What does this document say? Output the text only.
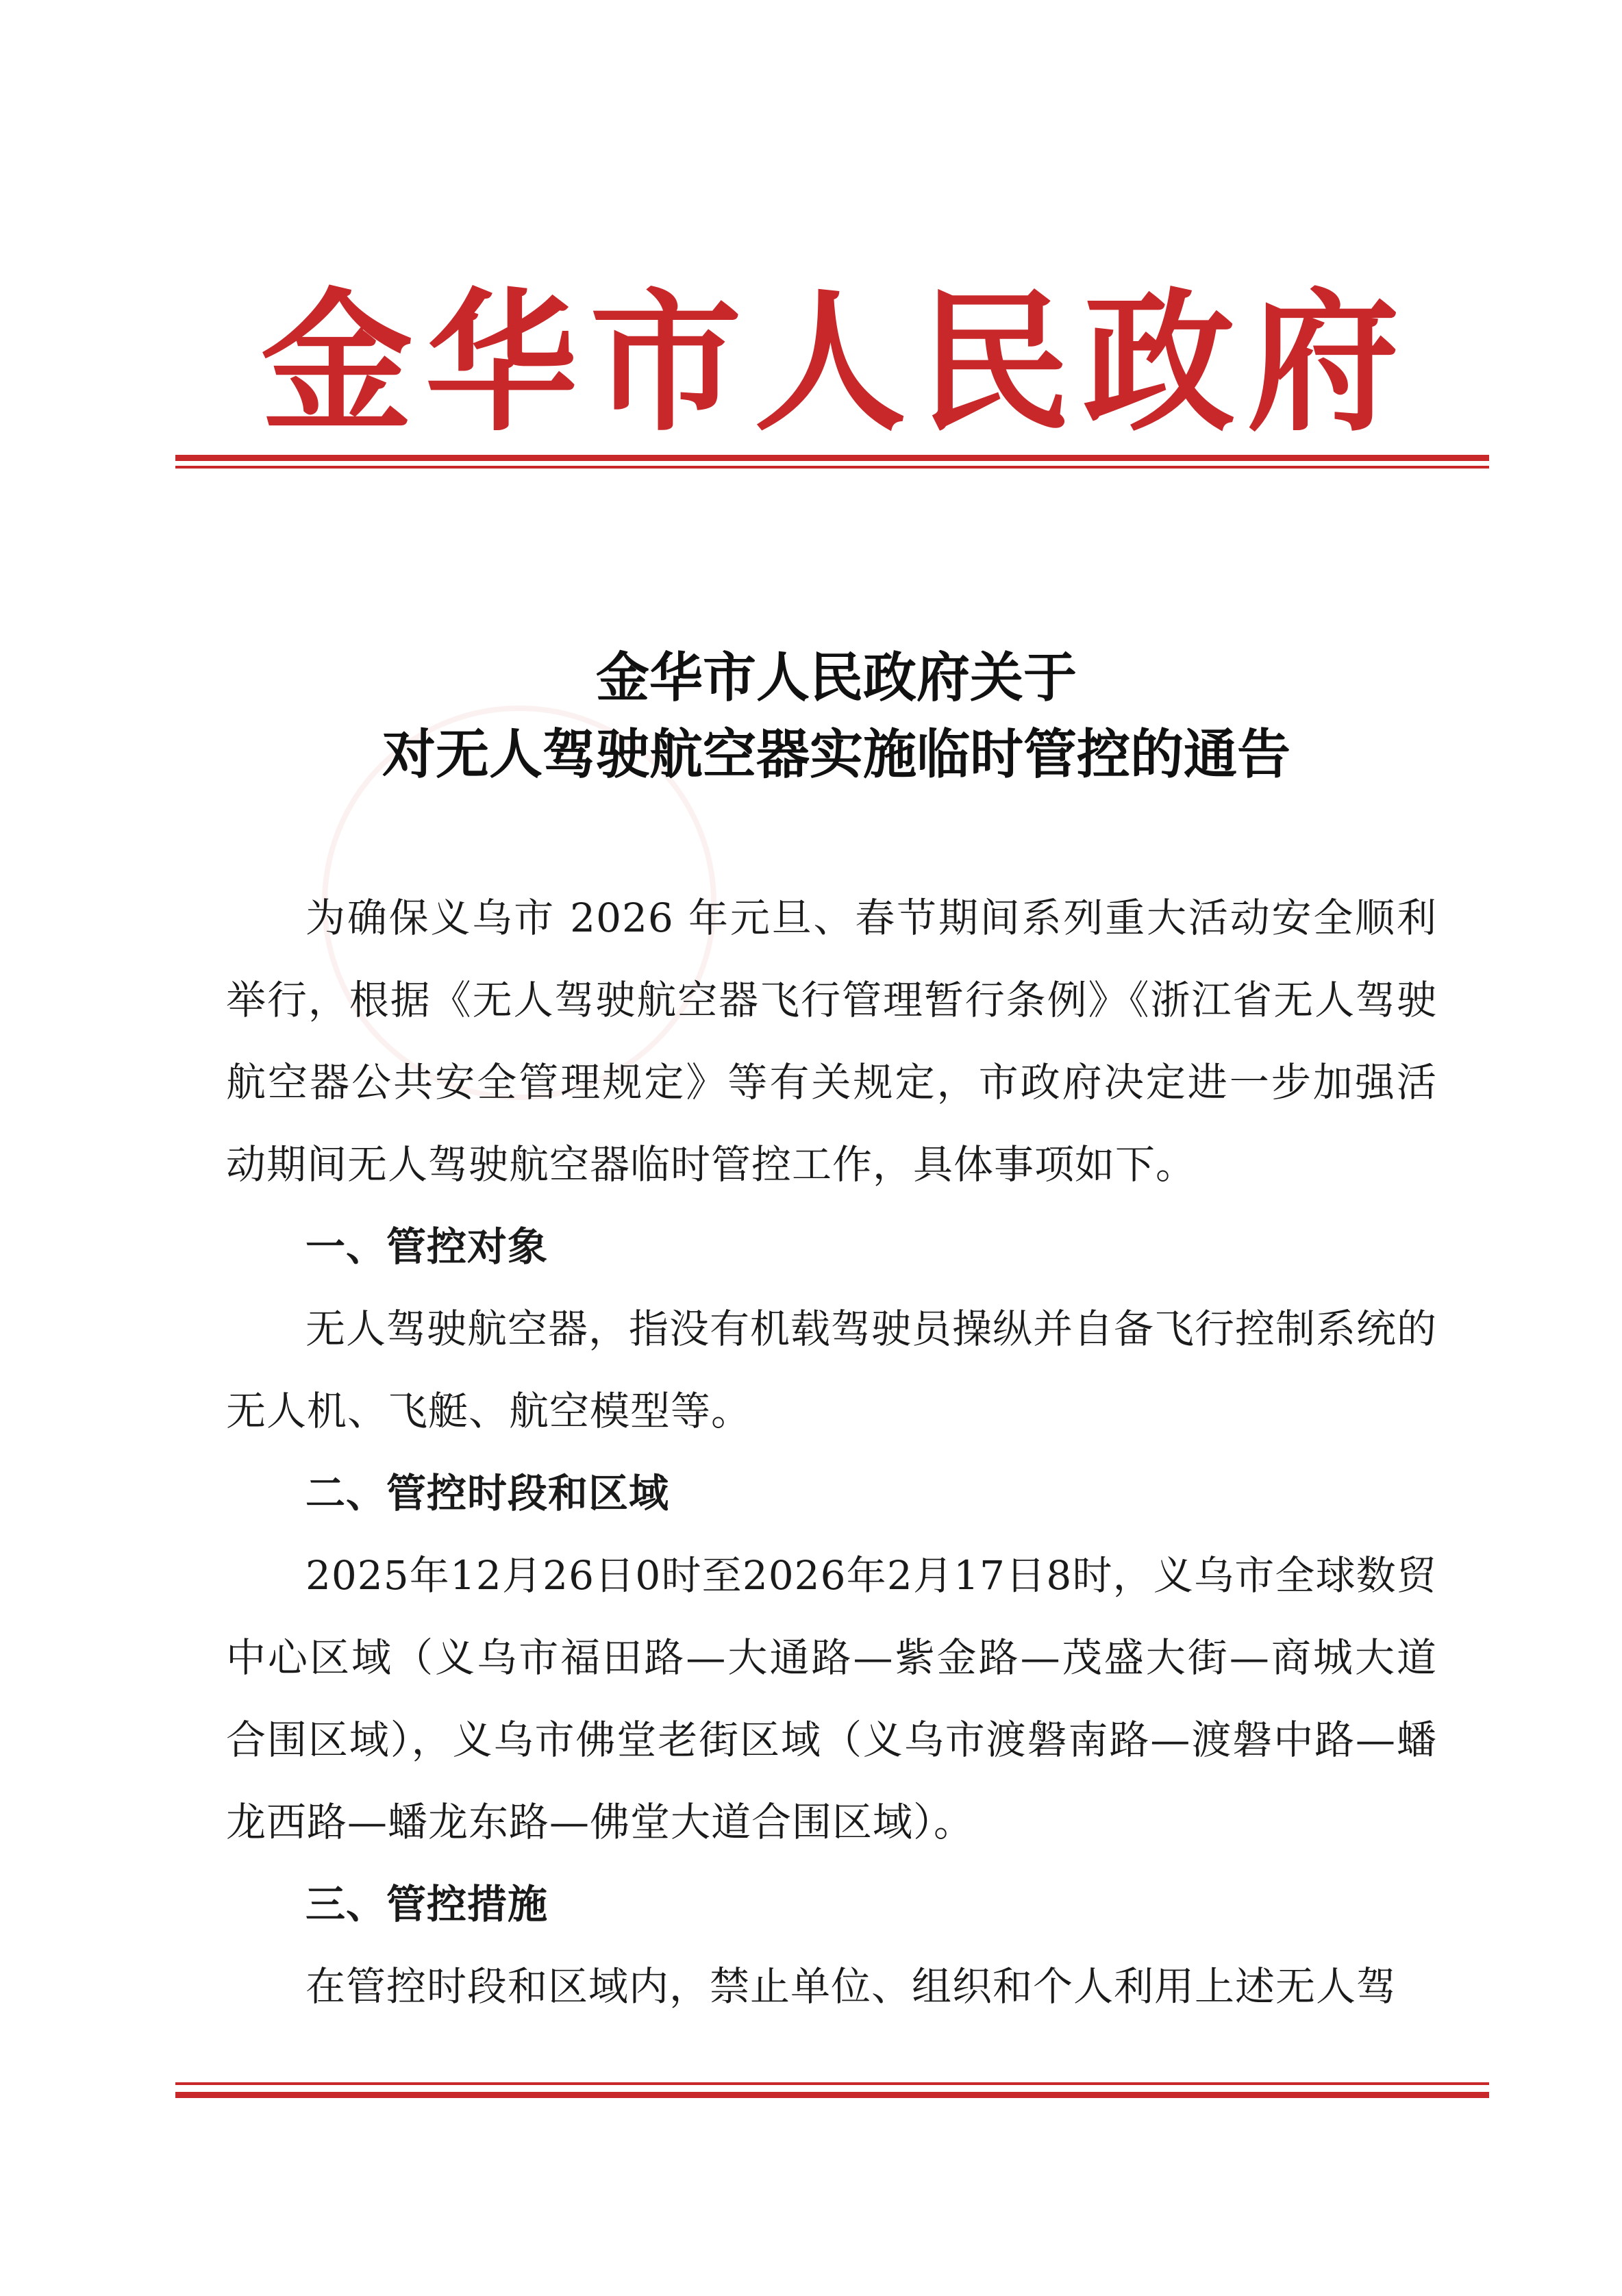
金华市人民政府
金华市人民政府关于
对无人驾驶航空器实施临时管控的通告

为确保义乌市 2026 年元旦、春节期间系列重大活动安全顺利举行，根据《无人驾驶航空器飞行管理暂行条例》《浙江省无人驾驶航空器公共安全管理规定》等有关规定，市政府决定进一步加强活动期间无人驾驶航空器临时管控工作，具体事项如下。

一、管控对象

无人驾驶航空器，指没有机载驾驶员操纵并自备飞行控制系统的无人机、飞艇、航空模型等。

二、管控时段和区域

2025年12月26日0时至2026年2月17日8时，义乌市全球数贸中心区域（义乌市福田路—大通路—紫金路—茂盛大街—商城大道合围区域），义乌市佛堂老街区域（义乌市渡磐南路—渡磐中路—蟠龙西路—蟠龙东路—佛堂大道合围区域）。

三、管控措施

在管控时段和区域内，禁止单位、组织和个人利用上述无人驾
